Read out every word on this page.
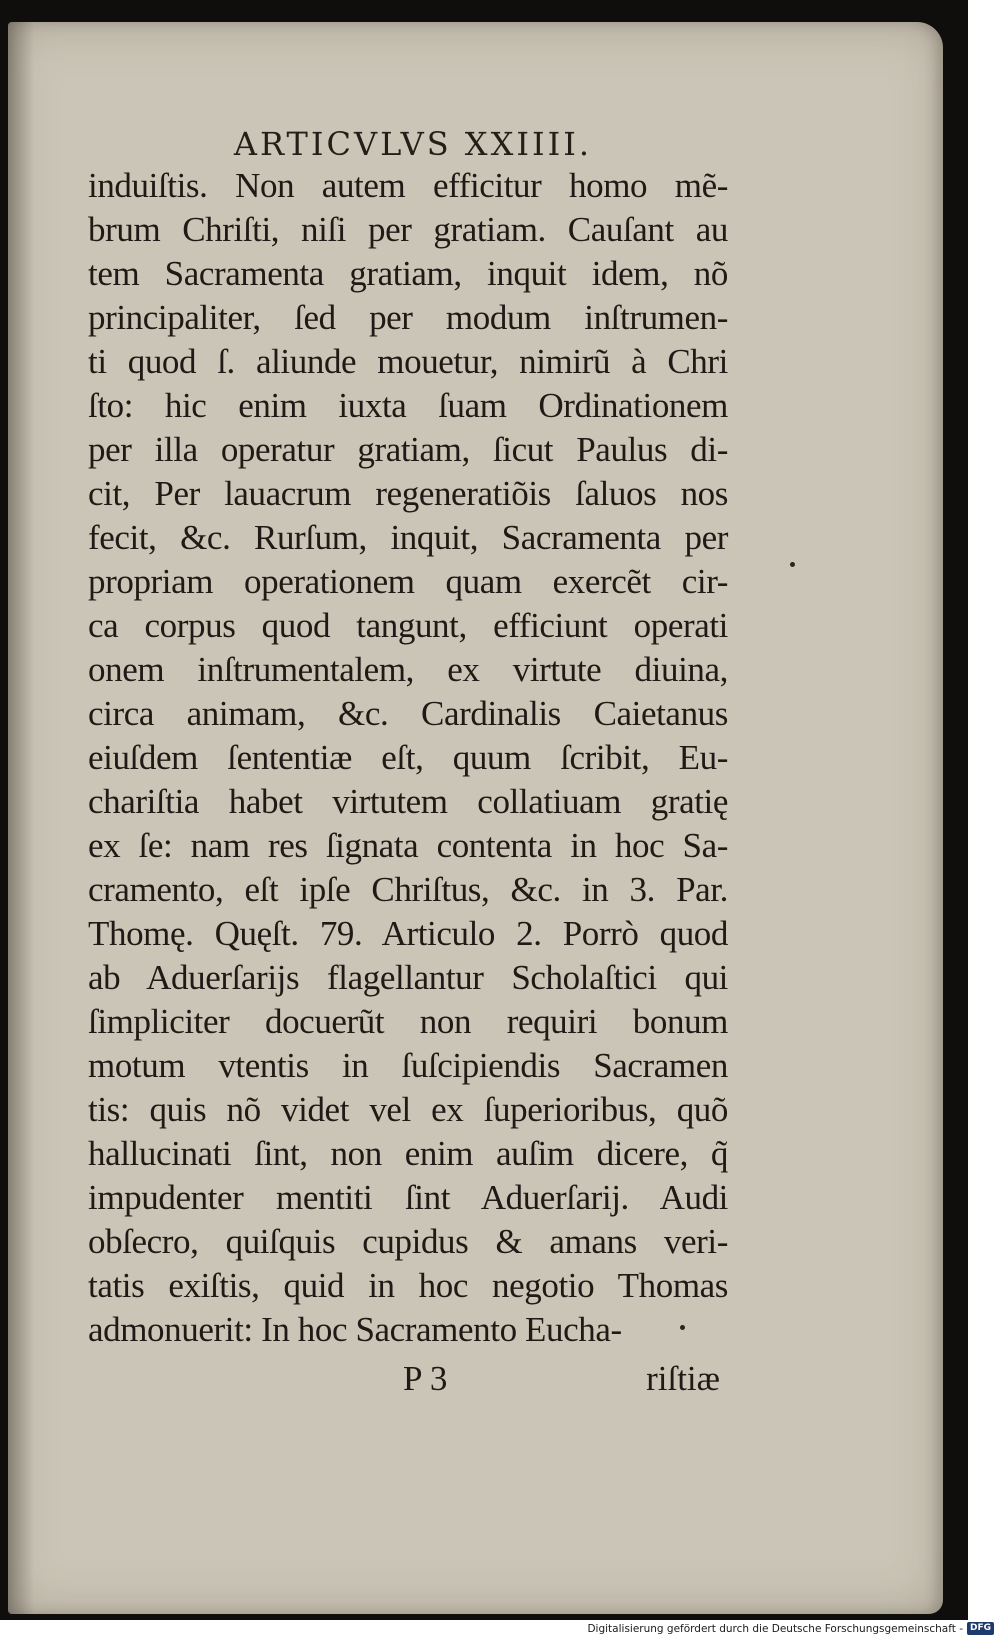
ARTICVLVS XXIIII.
induiſtis. Non autem efficitur homo mẽ-
brum Chriſti, niſi per gratiam. Cauſant au
tem Sacramenta gratiam, inquit idem, nõ
principaliter, ſed per modum inſtrumen-
ti quod ſ. aliunde mouetur, nimirũ à Chri
ſto: hic enim iuxta ſuam Ordinationem
per illa operatur gratiam, ſicut Paulus di-
cit, Per lauacrum regeneratiõis ſaluos nos
fecit, &c. Rurſum, inquit, Sacramenta per
propriam operationem quam exercẽt cir-
ca corpus quod tangunt, efficiunt operati
onem inſtrumentalem, ex virtute diuina,
circa animam, &c. Cardinalis Caietanus
eiuſdem ſententiæ eſt, quum ſcribit, Eu-
chariſtia habet virtutem collatiuam gratię
ex ſe: nam res ſignata contenta in hoc Sa-
cramento, eſt ipſe Chriſtus, &c. in 3. Par.
Thomę. Quęſt. 79. Articulo 2. Porrò quod
ab Aduerſarijs flagellantur Scholaſtici qui
ſimpliciter docuerũt non requiri bonum
motum vtentis in ſuſcipiendis Sacramen
tis: quis nõ videt vel ex ſuperioribus, quõ
hallucinati ſint, non enim auſim dicere, q̃
impudenter mentiti ſint Aduerſarij. Audi
obſecro, quiſquis cupidus & amans veri-
tatis exiſtis, quid in hoc negotio Thomas
admonuerit: In hoc Sacramento Eucha-
P 3	riſtiæ
Digitalisierung gefördert durch die Deutsche Forschungsgemeinschaft - DFG
